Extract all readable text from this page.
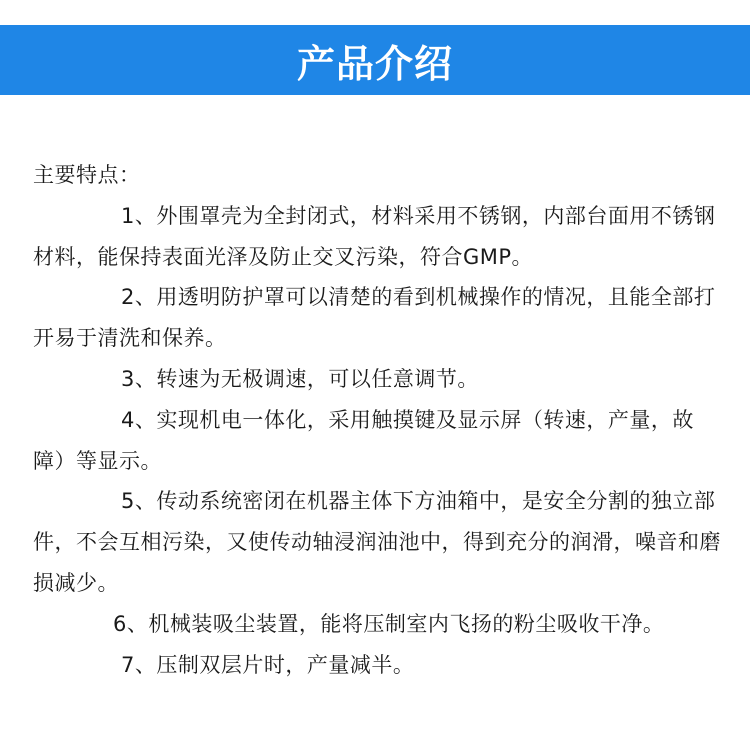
产品介绍

主要特点：

1、外围罩壳为全封闭式，材料采用不锈钢，内部台面用不锈钢材料，能保持表面光泽及防止交叉污染，符合GMP。

2、用透明防护罩可以清楚的看到机械操作的情况，且能全部打开易于清洗和保养。

3、转速为无极调速，可以任意调节。

4、实现机电一体化，采用触摸键及显示屏（转速，产量，故障）等显示。

5、传动系统密闭在机器主体下方油箱中，是安全分割的独立部件，不会互相污染，又使传动轴浸润油池中，得到充分的润滑，噪音和磨损减少。

6、机械装吸尘装置，能将压制室内飞扬的粉尘吸收干净。

7、压制双层片时，产量减半。
